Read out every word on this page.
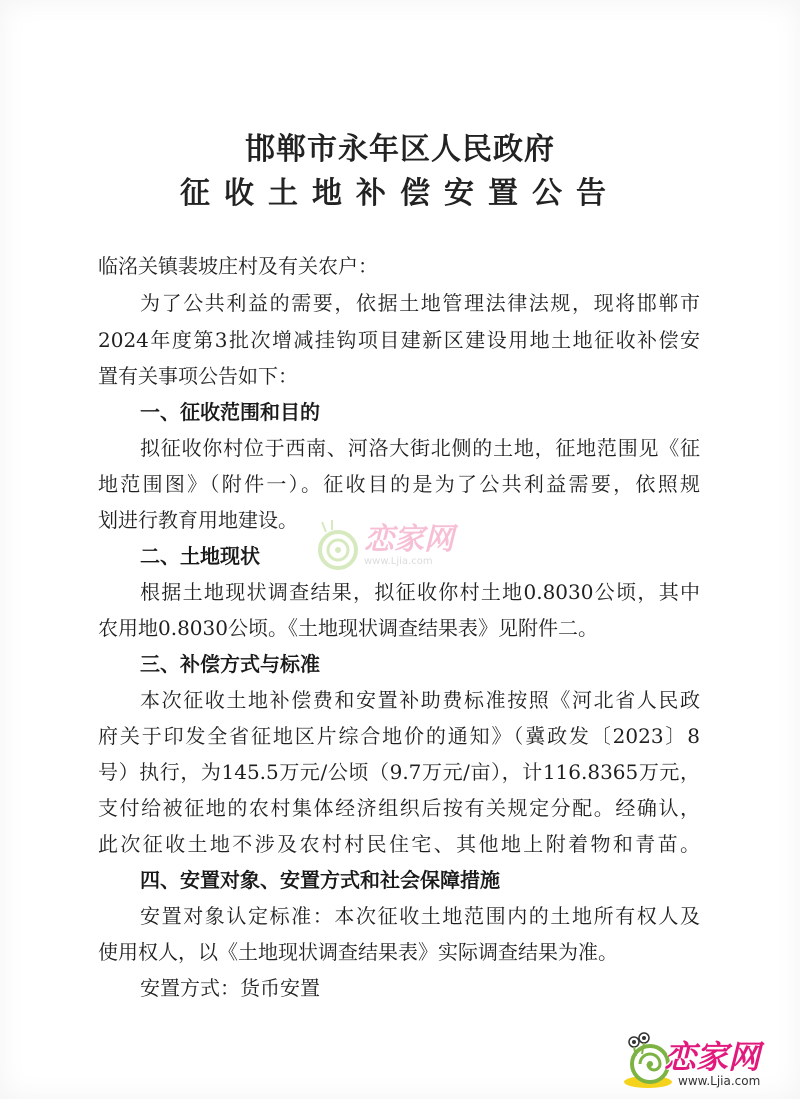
邯郸市永年区人民政府
征收土地补偿安置公告
临洺关镇裴坡庄村及有关农户：
为了公共利益的需要，依据土地管理法律法规，现将邯郸市
2024年度第3批次增减挂钩项目建新区建设用地土地征收补偿安
置有关事项公告如下：
一、征收范围和目的
拟征收你村位于西南、河洛大街北侧的土地，征地范围见《征
地范围图》（附件一）。征收目的是为了公共利益需要，依照规
划进行教育用地建设。
二、土地现状
根据土地现状调查结果，拟征收你村土地0.8030公顷，其中
农用地0.8030公顷。《土地现状调查结果表》见附件二。
三、补偿方式与标准
本次征收土地补偿费和安置补助费标准按照《河北省人民政
府关于印发全省征地区片综合地价的通知》（冀政发〔2023〕8
号）执行，为145.5万元/公顷（9.7万元/亩），计116.8365万元，
支付给被征地的农村集体经济组织后按有关规定分配。经确认，
此次征收土地不涉及农村村民住宅、其他地上附着物和青苗。
四、安置对象、安置方式和社会保障措施
安置对象认定标准：本次征收土地范围内的土地所有权人及
使用权人，以《土地现状调查结果表》实际调查结果为准。
安置方式：货币安置
恋家网
www.Ljia.com
恋家网
www.Ljia.com
